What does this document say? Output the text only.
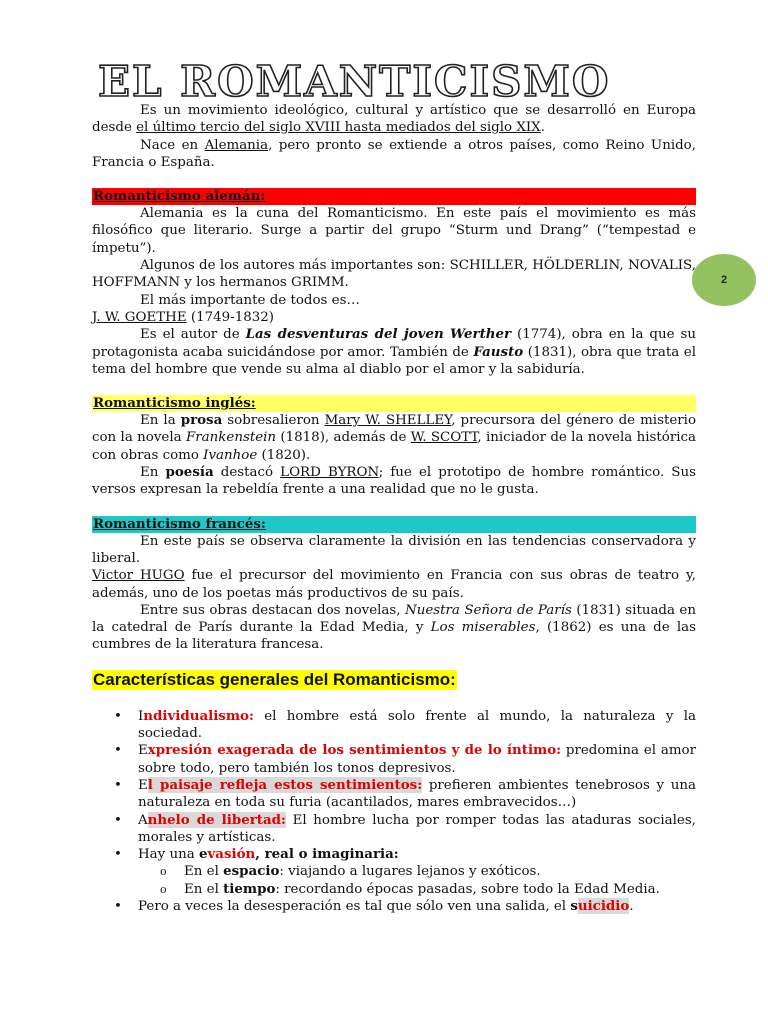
2
EL ROMANTICISMO

Es un movimiento ideológico, cultural y artístico que se desarrolló en Europa desde el último tercio del siglo XVIII hasta mediados del siglo XIX.

Nace en Alemania, pero pronto se extiende a otros países, como Reino Unido, Francia o España.

Romanticismo alemán:

Alemania es la cuna del Romanticismo. En este país el movimiento es más filosófico que literario. Surge a partir del grupo “Sturm und Drang” (“tempestad e ímpetu”).

Algunos de los autores más importantes son: SCHILLER, HÖLDERLIN, NOVALIS, HOFFMANN y los hermanos GRIMM.

El más importante de todos es…

J. W. GOETHE (1749-1832)

Es el autor de Las desventuras del joven Werther (1774), obra en la que su protagonista acaba suicidándose por amor. También de Fausto (1831), obra que trata el tema del hombre que vende su alma al diablo por el amor y la sabiduría.

Romanticismo inglés:

En la prosa sobresalieron Mary W. SHELLEY, precursora del género de misterio con la novela Frankenstein (1818), además de W. SCOTT, iniciador de la novela histórica con obras como Ivanhoe (1820).

En poesía destacó LORD BYRON; fue el prototipo de hombre romántico. Sus versos expresan la rebeldía frente a una realidad que no le gusta.

Romanticismo francés:

En este país se observa claramente la división en las tendencias conservadora y liberal.

Victor HUGO fue el precursor del movimiento en Francia con sus obras de teatro y, además, uno de los poetas más productivos de su país.

Entre sus obras destacan dos novelas, Nuestra Señora de París (1831) situada en la catedral de París durante la Edad Media, y Los miserables, (1862) es una de las cumbres de la literatura francesa.

Características generales del Romanticismo:
• Individualismo: el hombre está solo frente al mundo, la naturaleza y la sociedad.
• Expresión exagerada de los sentimientos y de lo íntimo: predomina el amor sobre todo, pero también los tonos depresivos.
• El paisaje refleja estos sentimientos: prefieren ambientes tenebrosos y una naturaleza en toda su furia (acantilados, mares embravecidos…)
• Anhelo de libertad: El hombre lucha por romper todas las ataduras sociales, morales y artísticas.
• Hay una evasión, real o imaginaria:
o En el espacio: viajando a lugares lejanos y exóticos.
o En el tiempo: recordando épocas pasadas, sobre todo la Edad Media.
• Pero a veces la desesperación es tal que sólo ven una salida, el suicidio.
